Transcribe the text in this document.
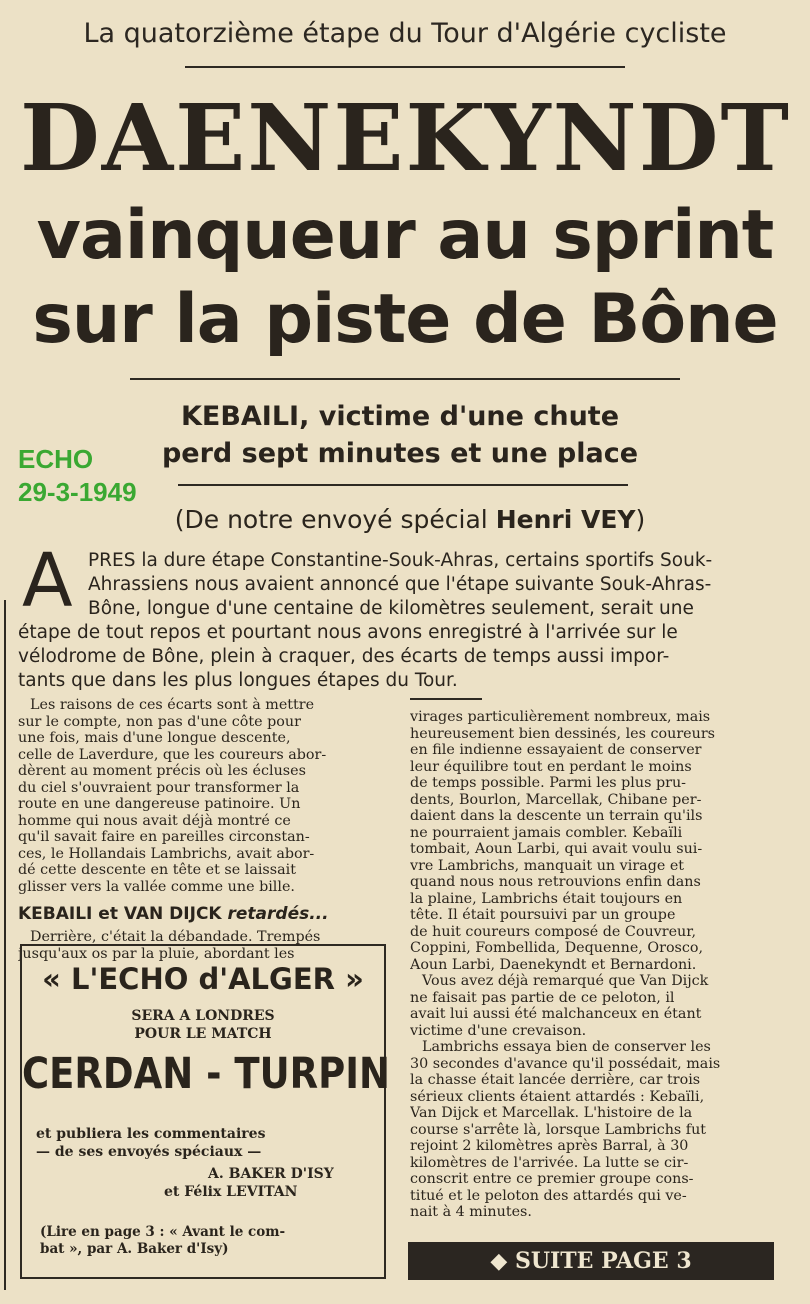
La quatorzième étape du Tour d'Algérie cycliste
DAENEKYNDT
vainqueur au sprint
sur la piste de Bône
KEBAILI, victime d'une chute
perd sept minutes et une place
ECHO
29-3-1949
(De notre envoyé spécial Henri VEY)
A PRES la dure étape Constantine-Souk-Ahras, certains sportifs Souk-
Ahrassiens nous avaient annoncé que l'étape suivante Souk-Ahras-
Bône, longue d'une centaine de kilomètres seulement, serait une
étape de tout repos et pourtant nous avons enregistré à l'arrivée sur le
vélodrome de Bône, plein à craquer, des écarts de temps aussi impor-
tants que dans les plus longues étapes du Tour.
Les raisons de ces écarts sont à mettre
sur le compte, non pas d'une côte pour
une fois, mais d'une longue descente,
celle de Laverdure, que les coureurs abor-
dèrent au moment précis où les écluses
du ciel s'ouvraient pour transformer la
route en une dangereuse patinoire. Un
homme qui nous avait déjà montré ce
qu'il savait faire en pareilles circonstan-
ces, le Hollandais Lambrichs, avait abor-
dé cette descente en tête et se laissait
glisser vers la vallée comme une bille.
KEBAILI et VAN DIJCK retardés...
Derrière, c'était la débandade. Trempés
jusqu'aux os par la pluie, abordant les
« L'ECHO d'ALGER »
SERA A LONDRES
POUR LE MATCH
CERDAN - TURPIN
et publiera les commentaires
— de ses envoyés spéciaux —
A. BAKER D'ISY
et Félix LEVITAN
(Lire en page 3 : « Avant le com-
bat », par A. Baker d'Isy)
virages particulièrement nombreux, mais
heureusement bien dessinés, les coureurs
en file indienne essayaient de conserver
leur équilibre tout en perdant le moins
de temps possible. Parmi les plus pru-
dents, Bourlon, Marcellak, Chibane per-
daient dans la descente un terrain qu'ils
ne pourraient jamais combler. Kebaïli
tombait, Aoun Larbi, qui avait voulu sui-
vre Lambrichs, manquait un virage et
quand nous nous retrouvions enfin dans
la plaine, Lambrichs était toujours en
tête. Il était poursuivi par un groupe
de huit coureurs composé de Couvreur,
Coppini, Fombellida, Dequenne, Orosco,
Aoun Larbi, Daenekyndt et Bernardoni.
Vous avez déjà remarqué que Van Dijck
ne faisait pas partie de ce peloton, il
avait lui aussi été malchanceux en étant
victime d'une crevaison.
Lambrichs essaya bien de conserver les
30 secondes d'avance qu'il possédait, mais
la chasse était lancée derrière, car trois
sérieux clients étaient attardés : Kebaïli,
Van Dijck et Marcellak. L'histoire de la
course s'arrête là, lorsque Lambrichs fut
rejoint 2 kilomètres après Barral, à 30
kilomètres de l'arrivée. La lutte se cir-
conscrit entre ce premier groupe cons-
titué et le peloton des attardés qui ve-
nait à 4 minutes.
◆ SUITE PAGE 3
